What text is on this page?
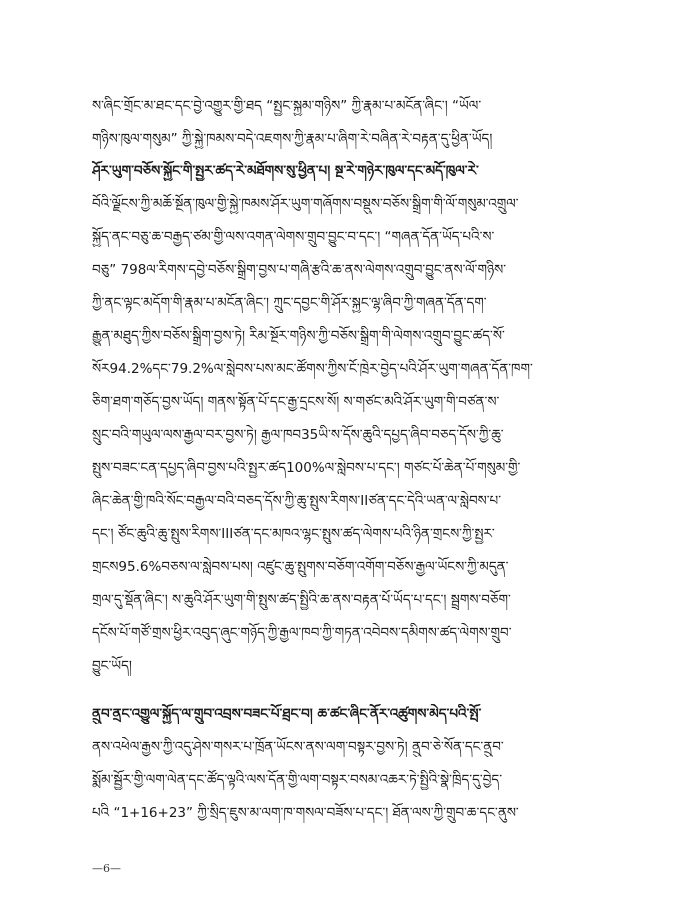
ས་ཞིང་གྲོང་མ་ཐང་དང་བྱེ་འགྱུར་གྱི་ཐད “སྤྱང་སྐྱམ་གཉིས” ཀྱི་རྣམ་པ་མངོན་ཞིང་། “ཡོལ་
གཉིས་ཁུལ་གསུམ” ཀྱི་སྐྱེ་ཁམས་བདེ་འཇགས་ཀྱི་རྣམ་པ་ཞིག་རེ་བཞིན་རེ་བརྟན་དུ་ཕྱིན་ཡོད།
ཤོར་ཡུག་བཅོས་སྐྱོང་གི་སྤྱར་ཚད་རེ་མཐོགས་སུ་ཕྱིན་པ། སྔ་རེ་གཉེར་ཁུལ་དང་མདོ་ཁུལ་རེ་
བོའི་ལྗོངས་ཀྱི་མཆོ་སྔོན་ཁུལ་གྱི་སྐྱེ་ཁམས་ཤོར་ཡུག་གཞོགས་བསྡུས་བཅོས་སྒྲིག་གི་ལོ་གསུམ་འགྲུལ་
སྐྱོད་ནང་བཅུ་ཆ་བརྒྱད་ཙམ་གྱི་ལས་འགན་ལེགས་གྲུབ་བྱུང་བ་དང་། “གཞན་དོན་ཡོད་པའི་ས་
བཅུ” 798ལ་རིགས་དབྱེ་བཅོས་སྒྲིག་བྱས་པ་གཞི་རྩའི་ཆ་ནས་ལེགས་འགྲུབ་བྱུང་ནས་ལོ་གཉིས་
ཀྱི་ནང་ལྟང་མདོག་གི་རྣམ་པ་མངོན་ཞིང་། ཀྲུང་དབྱང་གི་ཤོར་སྐྱང་ལྷ་ཞིབ་ཀྱི་གཞན་དོན་དག་
རྒྱུན་མཐུད་ཀྱིས་བཅོས་སྒྲིག་བྱས་ཏེ། རིམ་སྔོར་གཉིས་ཀྱི་བཅོས་སྒྲིག་གི་ལེགས་འགྲུབ་བྱུང་ཚད་སོ་
སོར94.2%དང་79.2%ལ་སླེབས་པས་མང་ཚོགས་ཀྱིས་ངོ་ཁྲེར་བྱེད་པའི་ཤོར་ཡུག་གཞན་དོན་ཁག་
ཅིག་ཐག་གཅོད་བྱས་ཡོད། གནས་སྟོན་པོ་དང་རྒྱ་དྲངས་སོ། ས་གཙང་མའི་ཤོར་ཡུག་གི་བཙན་ས་
སྲུང་བའི་གཡུལ་ལས་རྒྱལ་བར་བྱས་ཏེ། རྒྱལ་ཁབ35ཡི་ས་དོས་ཆུའི་དཔྱད་ཞིབ་བཅད་དོས་ཀྱི་ཆུ་
སྤུས་བཟང་ངན་དཔྱད་ཞིབ་བྱས་པའི་སྤྱར་ཚད100%ལ་སླེབས་པ་དང་། གཙང་པོ་ཆེན་པོ་གསུམ་གྱི་
ཞིང་ཆེན་གྱི་ཁའི་སོང་བརྒྱལ་བའི་བཅད་དོས་ཀྱི་ཆུ་སྤུས་རིགས་IIཙན་དང་དེའི་ཡན་ལ་སླེབས་པ་
དང་། ཙོང་ཆུའི་ཆུ་སྤུས་རིགས་IIIཙན་དང་མཁའ་ལྷང་སྤུས་ཚད་ལེགས་པའི་ཉིན་གྲངས་ཀྱི་སྤྱར་
གྲངས95.6%བཅས་ལ་སླེབས་པས། འཛུང་ཆུ་སྤུགས་བཅོག་འགོག་བཅོས་རྒྱལ་ཡོངས་ཀྱི་མདུན་
གྲལ་དུ་སྡོན་ཞིང་། ས་ཆུའི་ཤོར་ཡུག་གི་སྤུས་ཚད་སྤྱིའི་ཆ་ནས་བརྟན་པོ་ཡོད་པ་དང་། སྦྲགས་བཅོག་
དངོས་པོ་གཙོ་གྲས་ཕྱིར་འབུད་ཞུང་གཉོད་ཀྱི་རྒྱལ་ཁབ་ཀྱི་གཏན་འབེབས་དམིགས་ཚད་ལེགས་གྲུབ་
བྱུང་ཡོད།
ནྲུབ་ནྲང་འགྱུལ་སྐྱོད་ལ་གྲུབ་འབྲས་བཟང་པོ་ཐྲང་བ། ཆ་ཚང་ཞིང་ནོར་འཚུགས་མེད་པའི་སྤོ་
ནས་འཕེལ་རྒྱས་ཀྱི་འདུ་ཤེས་གསར་པ་ཁྲོན་ཡོངས་ནས་ལག་བསྟར་བྱས་ཏེ། ནྲུབ་ཅེ་སོན་དང་ནྲུབ་
སྨོམ་སྦྱོར་གྱི་ལག་ལེན་དང་ཚོད་ལྟའི་ལས་དོན་གྱི་ལག་བསྟར་བསམ་འཆར་ཏེ་སྤྱིའི་སྣེ་ཁྲིད་དུ་བྱེད་
པའི “1+16+23” ཀྱི་སྲིད་ཇུས་མ་ལག་ཁ་གསལ་བཟོས་པ་དང་། ཐོན་ལས་ཀྱི་གྲུབ་ཆ་དང་ནུས་
—6—
